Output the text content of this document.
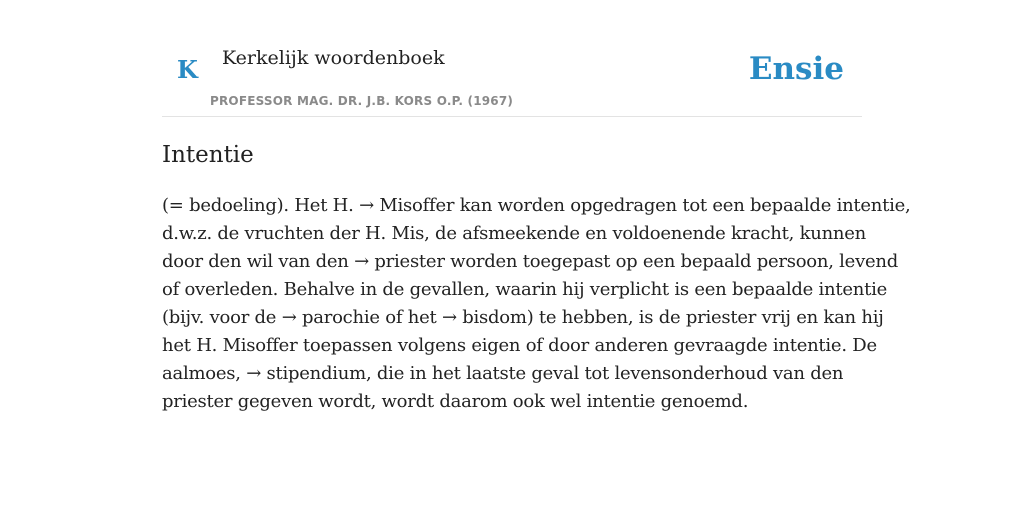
K Kerkelijk woordenboek
PROFESSOR MAG. DR. J.B. KORS O.P. (1967)
Ensie
Intentie
(= bedoeling). Het H. → Misoffer kan worden opgedragen tot een bepaalde intentie,
d.w.z. de vruchten der H. Mis, de afsmeekende en voldoenende kracht, kunnen
door den wil van den → priester worden toegepast op een bepaald persoon, levend
of overleden. Behalve in de gevallen, waarin hij verplicht is een bepaalde intentie
(bijv. voor de → parochie of het → bisdom) te hebben, is de priester vrij en kan hij
het H. Misoffer toepassen volgens eigen of door anderen gevraagde intentie. De
aalmoes, → stipendium, die in het laatste geval tot levensonderhoud van den
priester gegeven wordt, wordt daarom ook wel intentie genoemd.
